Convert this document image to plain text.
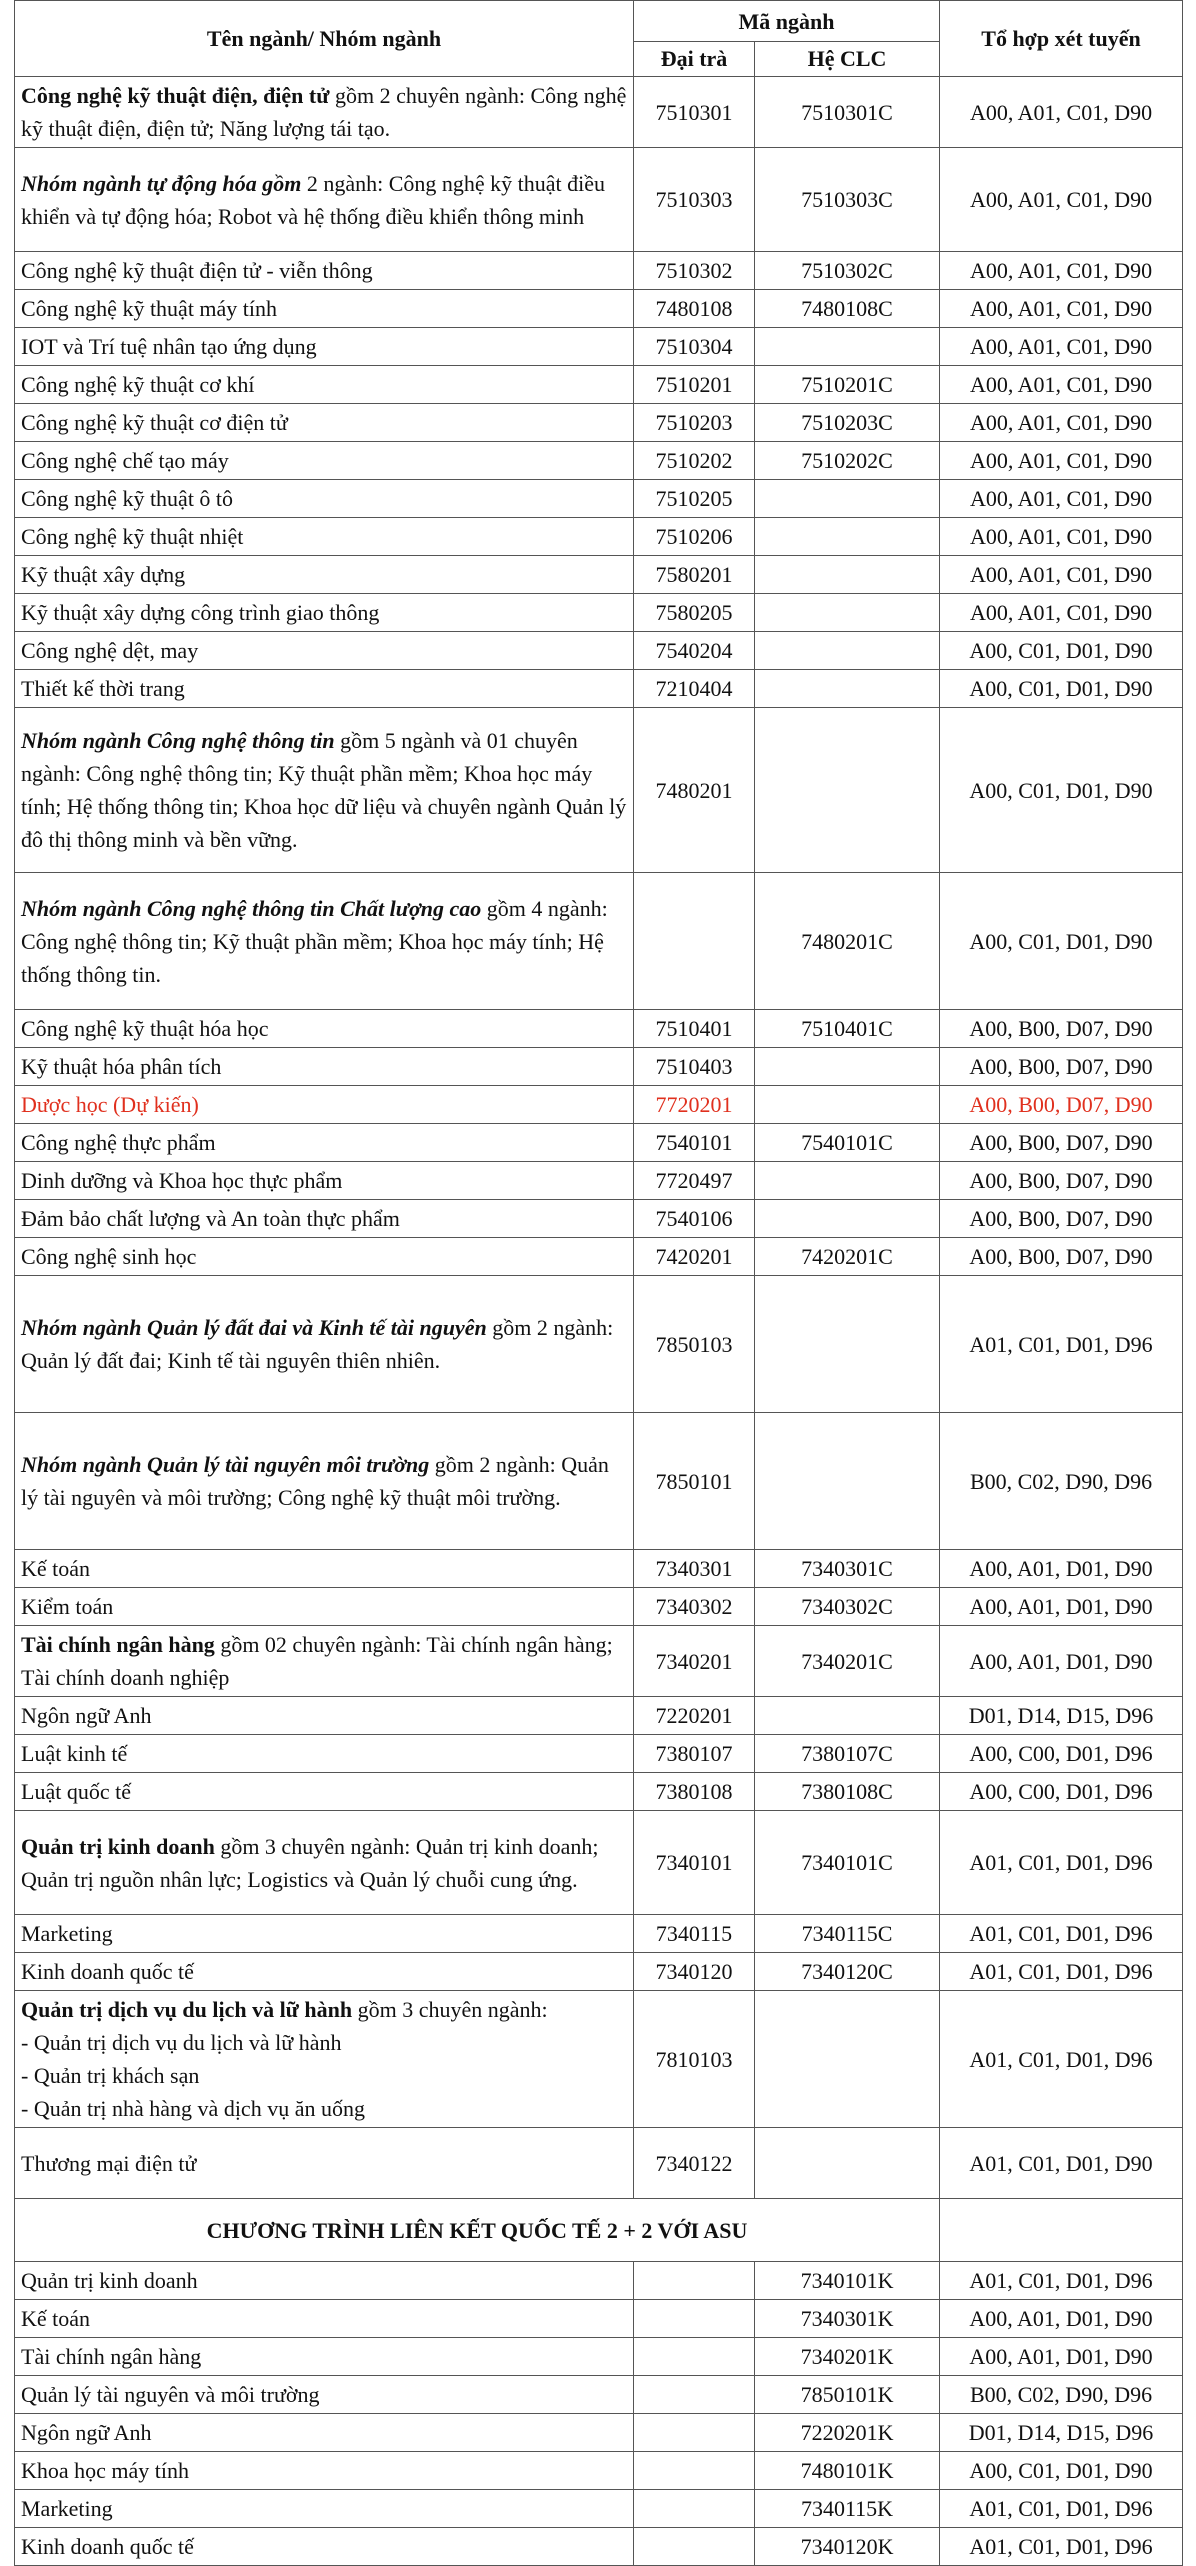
Tên ngành/ Nhóm ngành	Mã ngành		Tổ hợp xét tuyến
	Đại trà	Hệ CLC	
Công nghệ kỹ thuật điện, điện tử gồm 2 chuyên ngành: Công nghệ kỹ thuật điện, điện tử; Năng lượng tái tạo.	7510301	7510301C	A00, A01, C01, D90
Nhóm ngành tự động hóa gồm 2 ngành: Công nghệ kỹ thuật điều khiển và tự động hóa; Robot và hệ thống điều khiển thông minh	7510303	7510303C	A00, A01, C01, D90
Công nghệ kỹ thuật điện tử - viễn thông	7510302	7510302C	A00, A01, C01, D90
Công nghệ kỹ thuật máy tính	7480108	7480108C	A00, A01, C01, D90
IOT và Trí tuệ nhân tạo ứng dụng	7510304		A00, A01, C01, D90
Công nghệ kỹ thuật cơ khí	7510201	7510201C	A00, A01, C01, D90
Công nghệ kỹ thuật cơ điện tử	7510203	7510203C	A00, A01, C01, D90
Công nghệ chế tạo máy	7510202	7510202C	A00, A01, C01, D90
Công nghệ kỹ thuật ô tô	7510205		A00, A01, C01, D90
Công nghệ kỹ thuật nhiệt	7510206		A00, A01, C01, D90
Kỹ thuật xây dựng	7580201		A00, A01, C01, D90
Kỹ thuật xây dựng công trình giao thông	7580205		A00, A01, C01, D90
Công nghệ dệt, may	7540204		A00, C01, D01, D90
Thiết kế thời trang	7210404		A00, C01, D01, D90
Nhóm ngành Công nghệ thông tin gồm 5 ngành và 01 chuyên ngành: Công nghệ thông tin; Kỹ thuật phần mềm; Khoa học máy tính; Hệ thống thông tin; Khoa học dữ liệu và chuyên ngành Quản lý đô thị thông minh và bền vững.	7480201		A00, C01, D01, D90
Nhóm ngành Công nghệ thông tin Chất lượng cao gồm 4 ngành: Công nghệ thông tin; Kỹ thuật phần mềm; Khoa học máy tính; Hệ thống thông tin.		7480201C	A00, C01, D01, D90
Công nghệ kỹ thuật hóa học	7510401	7510401C	A00, B00, D07, D90
Kỹ thuật hóa phân tích	7510403		A00, B00, D07, D90
Dược học (Dự kiến)	7720201		A00, B00, D07, D90
Công nghệ thực phẩm	7540101	7540101C	A00, B00, D07, D90
Dinh dưỡng và Khoa học thực phẩm	7720497		A00, B00, D07, D90
Đảm bảo chất lượng và An toàn thực phẩm	7540106		A00, B00, D07, D90
Công nghệ sinh học	7420201	7420201C	A00, B00, D07, D90
Nhóm ngành Quản lý đất đai và Kinh tế tài nguyên gồm 2 ngành: Quản lý đất đai; Kinh tế tài nguyên thiên nhiên.	7850103		A01, C01, D01, D96
Nhóm ngành Quản lý tài nguyên môi trường gồm 2 ngành: Quản lý tài nguyên và môi trường; Công nghệ kỹ thuật môi trường.	7850101		B00, C02, D90, D96
Kế toán	7340301	7340301C	A00, A01, D01, D90
Kiểm toán	7340302	7340302C	A00, A01, D01, D90
Tài chính ngân hàng gồm 02 chuyên ngành: Tài chính ngân hàng; Tài chính doanh nghiệp	7340201	7340201C	A00, A01, D01, D90
Ngôn ngữ Anh	7220201		D01, D14, D15, D96
Luật kinh tế	7380107	7380107C	A00, C00, D01, D96
Luật quốc tế	7380108	7380108C	A00, C00, D01, D96
Quản trị kinh doanh gồm 3 chuyên ngành: Quản trị kinh doanh; Quản trị nguồn nhân lực; Logistics và Quản lý chuỗi cung ứng.	7340101	7340101C	A01, C01, D01, D96
Marketing	7340115	7340115C	A01, C01, D01, D96
Kinh doanh quốc tế	7340120	7340120C	A01, C01, D01, D96
Quản trị dịch vụ du lịch và lữ hành gồm 3 chuyên ngành:
- Quản trị dịch vụ du lịch và lữ hành
- Quản trị khách sạn
- Quản trị nhà hàng và dịch vụ ăn uống	7810103		A01, C01, D01, D96
Thương mại điện tử	7340122		A01, C01, D01, D90
CHƯƠNG TRÌNH LIÊN KẾT QUỐC TẾ 2 + 2 VỚI ASU			
Quản trị kinh doanh		7340101K	A01, C01, D01, D96
Kế toán		7340301K	A00, A01, D01, D90
Tài chính ngân hàng		7340201K	A00, A01, D01, D90
Quản lý tài nguyên và môi trường		7850101K	B00, C02, D90, D96
Ngôn ngữ Anh		7220201K	D01, D14, D15, D96
Khoa học máy tính		7480101K	A00, C01, D01, D90
Marketing		7340115K	A01, C01, D01, D96
Kinh doanh quốc tế		7340120K	A01, C01, D01, D96
